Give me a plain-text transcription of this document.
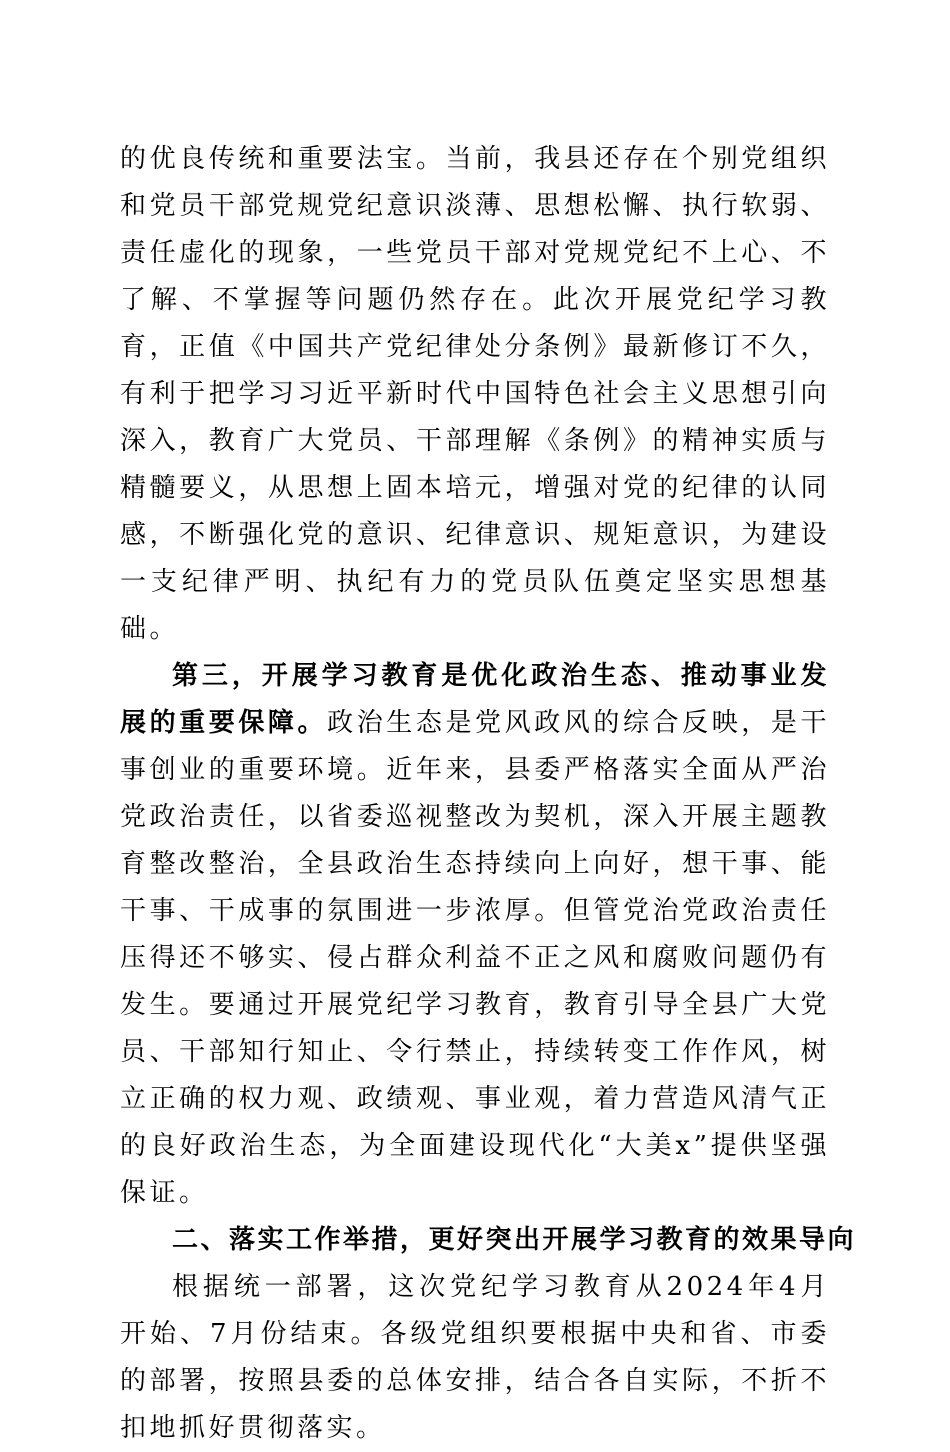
的优良传统和重要法宝。当前，我县还存在个别党组织和党员干部党规党纪意识淡薄、思想松懈、执行软弱、责任虚化的现象，一些党员干部对党规党纪不上心、不了解、不掌握等问题仍然存在。此次开展党纪学习教育，正值《中国共产党纪律处分条例》最新修订不久，有利于把学习习近平新时代中国特色社会主义思想引向深入，教育广大党员、干部理解《条例》的精神实质与精髓要义，从思想上固本培元，增强对党的纪律的认同感，不断强化党的意识、纪律意识、规矩意识，为建设一支纪律严明、执纪有力的党员队伍奠定坚实思想基础。

第三，开展学习教育是优化政治生态、推动事业发展的重要保障。政治生态是党风政风的综合反映，是干事创业的重要环境。近年来，县委严格落实全面从严治党政治责任，以省委巡视整改为契机，深入开展主题教育整改整治，全县政治生态持续向上向好，想干事、能干事、干成事的氛围进一步浓厚。但管党治党政治责任压得还不够实、侵占群众利益不正之风和腐败问题仍有发生。要通过开展党纪学习教育，教育引导全县广大党员、干部知行知止、令行禁止，持续转变工作作风，树立正确的权力观、政绩观、事业观，着力营造风清气正的良好政治生态，为全面建设现代化“大美x”提供坚强保证。

二、落实工作举措，更好突出开展学习教育的效果导向

根据统一部署，这次党纪学习教育从2024年4月开始、7月份结束。各级党组织要根据中央和省、市委的部署，按照县委的总体安排，结合各自实际，不折不扣地抓好贯彻落实。
